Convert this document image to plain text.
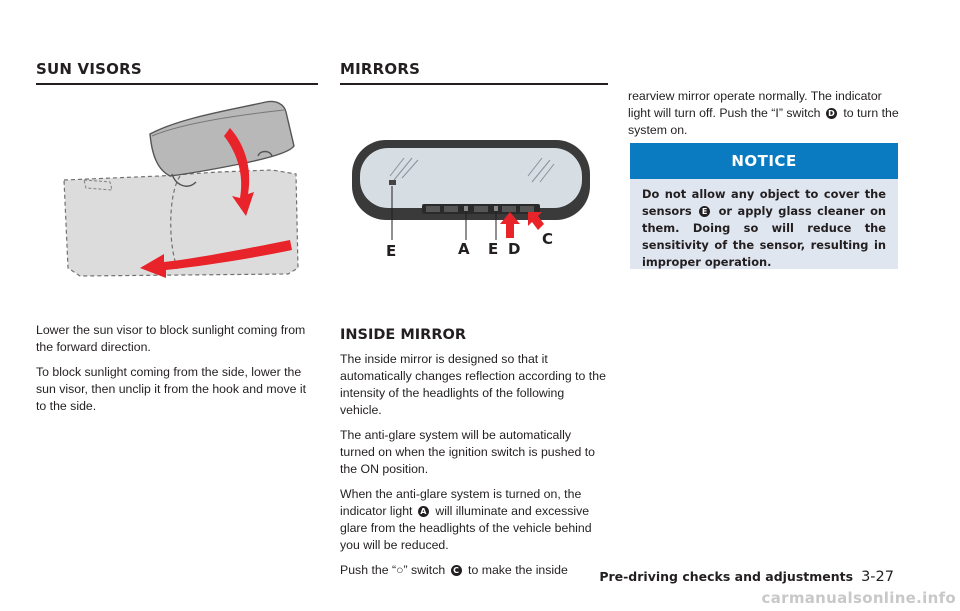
SUN VISORS

Lower the sun visor to block sunlight coming from the forward direction.

To block sunlight coming from the side, lower the sun visor, then unclip it from the hook and move it to the side.

MIRRORS
E	A E D
C
INSIDE MIRROR

The inside mirror is designed so that it automatically changes reflection according to the intensity of the headlights of the following vehicle.

The anti-glare system will be automatically turned on when the ignition switch is pushed to the ON position.

When the anti-glare system is turned on, the indicator light A will illuminate and excessive glare from the headlights of the vehicle behind you will be reduced.

Push the “○” switch C to make the inside

rearview mirror operate normally. The indicator light will turn off. Push the “I” switch D to turn the system on.

NOTICE
Do not allow any object to cover the sensors E or apply glass cleaner on them. Doing so will reduce the sensitivity of the sensor, resulting in improper operation.
Pre-driving checks and adjustments 3-27
carmanualsonline.info
